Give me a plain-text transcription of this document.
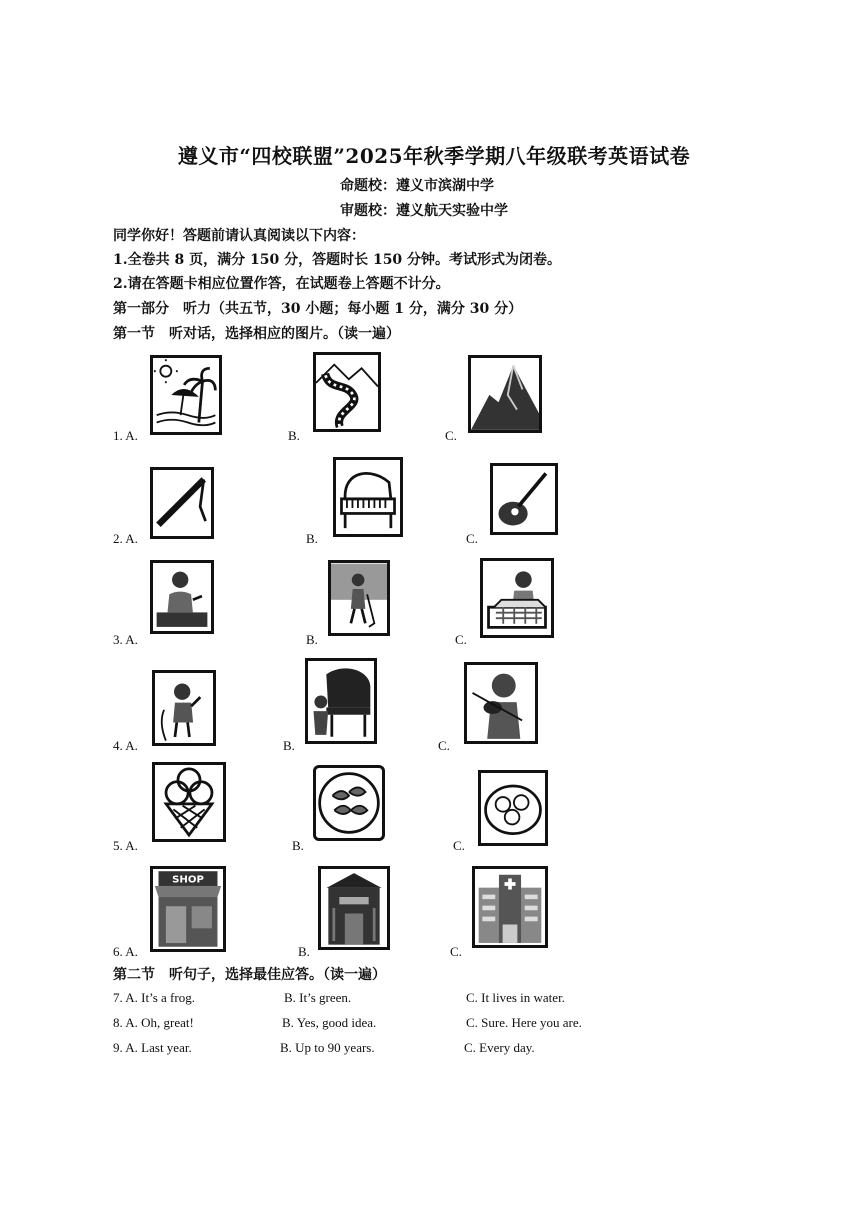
遵义市“四校联盟”2025年秋季学期八年级联考英语试卷
命题校：遵义市滨湖中学
审题校：遵义航天实验中学
同学你好！答题前请认真阅读以下内容：
1.全卷共 8 页，满分 150 分，答题时长 150 分钟。考试形式为闭卷。
2.请在答题卡相应位置作答，在试题卷上答题不计分。
第一部分　听力（共五节，30 小题；每小题 1 分，满分 30 分）
第一节　听对话，选择相应的图片。（读一遍）
1. A.	B.	C.
2. A.	B.	C.
3. A.	B.	C.
4. A.	B.	C.
5. A.	B.	C.
6. A.	B.	C.
SHOP
第二节　听句子，选择最佳应答。（读一遍）
7. A. It’s a frog.	B. It’s green.	C. It lives in water.
8. A. Oh, great!	B. Yes, good idea.	C. Sure. Here you are.
9. A. Last year.	B. Up to 90 years.	C. Every day.
